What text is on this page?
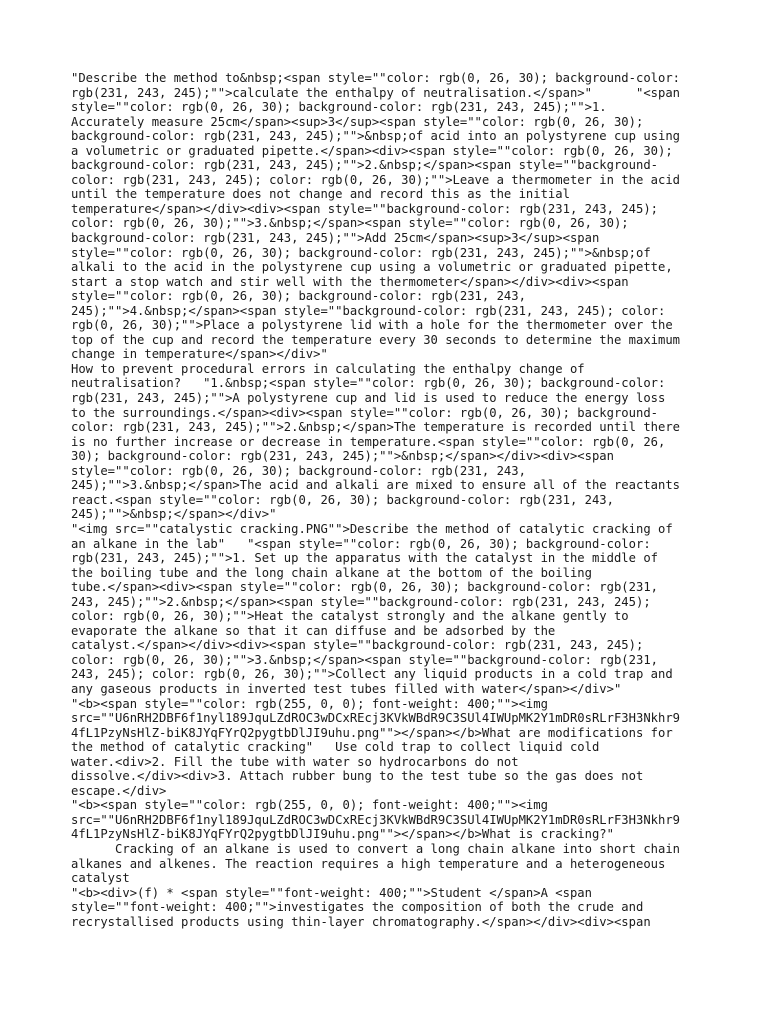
"Describe the method to&nbsp;<span style=""color: rgb(0, 26, 30); background-color:
rgb(231, 243, 245);"">calculate the enthalpy of neutralisation.</span>"      "<span
style=""color: rgb(0, 26, 30); background-color: rgb(231, 243, 245);"">1.
Accurately measure 25cm</span><sup>3</sup><span style=""color: rgb(0, 26, 30);
background-color: rgb(231, 243, 245);"">&nbsp;of acid into an polystyrene cup using
a volumetric or graduated pipette.</span><div><span style=""color: rgb(0, 26, 30);
background-color: rgb(231, 243, 245);"">2.&nbsp;</span><span style=""background-
color: rgb(231, 243, 245); color: rgb(0, 26, 30);"">Leave a thermometer in the acid
until the temperature does not change and record this as the initial
temperature</span></div><div><span style=""background-color: rgb(231, 243, 245);
color: rgb(0, 26, 30);"">3.&nbsp;</span><span style=""color: rgb(0, 26, 30);
background-color: rgb(231, 243, 245);"">Add 25cm</span><sup>3</sup><span
style=""color: rgb(0, 26, 30); background-color: rgb(231, 243, 245);"">&nbsp;of
alkali to the acid in the polystyrene cup using a volumetric or graduated pipette,
start a stop watch and stir well with the thermometer</span></div><div><span
style=""color: rgb(0, 26, 30); background-color: rgb(231, 243,
245);"">4.&nbsp;</span><span style=""background-color: rgb(231, 243, 245); color:
rgb(0, 26, 30);"">Place a polystyrene lid with a hole for the thermometer over the
top of the cup and record the temperature every 30 seconds to determine the maximum
change in temperature</span></div>"
How to prevent procedural errors in calculating the enthalpy change of
neutralisation?   "1.&nbsp;<span style=""color: rgb(0, 26, 30); background-color:
rgb(231, 243, 245);"">A polystyrene cup and lid is used to reduce the energy loss
to the surroundings.</span><div><span style=""color: rgb(0, 26, 30); background-
color: rgb(231, 243, 245);"">2.&nbsp;</span>The temperature is recorded until there
is no further increase or decrease in temperature.<span style=""color: rgb(0, 26,
30); background-color: rgb(231, 243, 245);"">&nbsp;</span></div><div><span
style=""color: rgb(0, 26, 30); background-color: rgb(231, 243,
245);"">3.&nbsp;</span>The acid and alkali are mixed to ensure all of the reactants
react.<span style=""color: rgb(0, 26, 30); background-color: rgb(231, 243,
245);"">&nbsp;</span></div>"
"<img src=""catalystic cracking.PNG"">Describe the method of catalytic cracking of
an alkane in the lab"   "<span style=""color: rgb(0, 26, 30); background-color:
rgb(231, 243, 245);"">1. Set up the apparatus with the catalyst in the middle of
the boiling tube and the long chain alkane at the bottom of the boiling
tube.</span><div><span style=""color: rgb(0, 26, 30); background-color: rgb(231,
243, 245);"">2.&nbsp;</span><span style=""background-color: rgb(231, 243, 245);
color: rgb(0, 26, 30);"">Heat the catalyst strongly and the alkane gently to
evaporate the alkane so that it can diffuse and be adsorbed by the
catalyst.</span></div><div><span style=""background-color: rgb(231, 243, 245);
color: rgb(0, 26, 30);"">3.&nbsp;</span><span style=""background-color: rgb(231,
243, 245); color: rgb(0, 26, 30);"">Collect any liquid products in a cold trap and
any gaseous products in inverted test tubes filled with water</span></div>"
"<b><span style=""color: rgb(255, 0, 0); font-weight: 400;""><img
src=""U6nRH2DBF6f1nyl189JquLZdROC3wDCxREcj3KVkWBdR9C3SUl4IWUpMK2Y1mDR0sRLrF3H3Nkhr9
4fL1PzyNsHlZ-biK8JYqFYrQ2pygtbDlJI9uhu.png""></span></b>What are modifications for
the method of catalytic cracking"   Use cold trap to collect liquid cold
water.<div>2. Fill the tube with water so hydrocarbons do not
dissolve.</div><div>3. Attach rubber bung to the test tube so the gas does not
escape.</div>
"<b><span style=""color: rgb(255, 0, 0); font-weight: 400;""><img
src=""U6nRH2DBF6f1nyl189JquLZdROC3wDCxREcj3KVkWBdR9C3SUl4IWUpMK2Y1mDR0sRLrF3H3Nkhr9
4fL1PzyNsHlZ-biK8JYqFYrQ2pygtbDlJI9uhu.png""></span></b>What is cracking?"
Cracking of an alkane is used to convert a long chain alkane into short chain
alkanes and alkenes. The reaction requires a high temperature and a heterogeneous
catalyst
"<b><div>(f) * <span style=""font-weight: 400;"">Student </span>A <span
style=""font-weight: 400;"">investigates the composition of both the crude and
recrystallised products using thin-layer chromatography.</span></div><div><span
